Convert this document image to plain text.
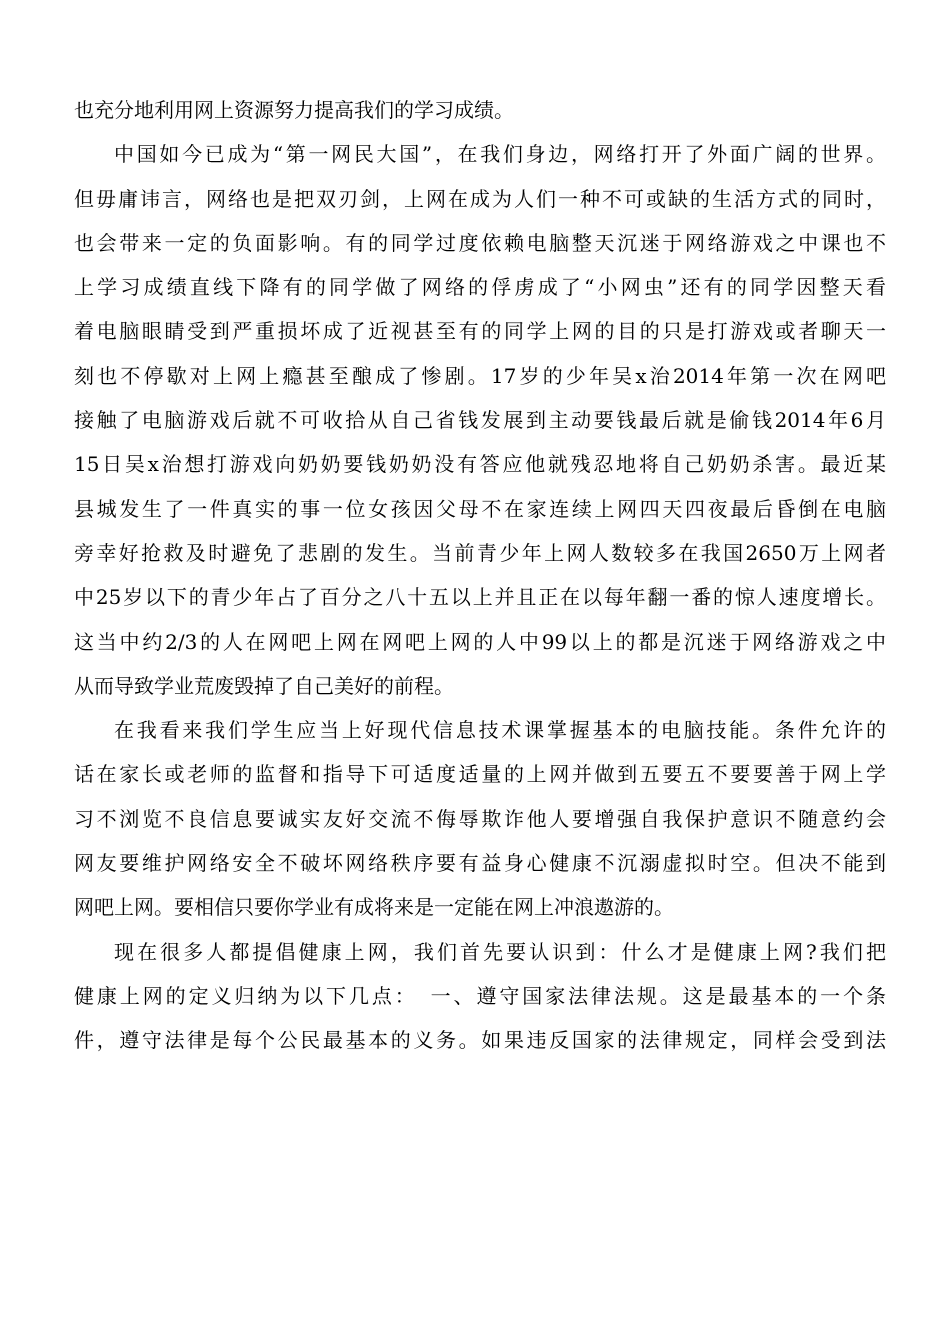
也充分地利用网上资源努力提高我们的学习成绩。
中国如今已成为“第一网民大国”，在我们身边，网络打开了外面广阔的世界。
但毋庸讳言，网络也是把双刃剑，上网在成为人们一种不可或缺的生活方式的同时，
也会带来一定的负面影响。有的同学过度依赖电脑整天沉迷于网络游戏之中课也不
上学习成绩直线下降有的同学做了网络的俘虏成了“小网虫”还有的同学因整天看
着电脑眼睛受到严重损坏成了近视甚至有的同学上网的目的只是打游戏或者聊天一
刻也不停歇对上网上瘾甚至酿成了惨剧。17岁的少年吴x治2014年第一次在网吧
接触了电脑游戏后就不可收拾从自己省钱发展到主动要钱最后就是偷钱2014年6月
15日吴x治想打游戏向奶奶要钱奶奶没有答应他就残忍地将自己奶奶杀害。最近某
县城发生了一件真实的事一位女孩因父母不在家连续上网四天四夜最后昏倒在电脑
旁幸好抢救及时避免了悲剧的发生。当前青少年上网人数较多在我国2650万上网者
中25岁以下的青少年占了百分之八十五以上并且正在以每年翻一番的惊人速度增长。
这当中约2/3的人在网吧上网在网吧上网的人中99以上的都是沉迷于网络游戏之中
从而导致学业荒废毁掉了自己美好的前程。
在我看来我们学生应当上好现代信息技术课掌握基本的电脑技能。条件允许的
话在家长或老师的监督和指导下可适度适量的上网并做到五要五不要要善于网上学
习不浏览不良信息要诚实友好交流不侮辱欺诈他人要增强自我保护意识不随意约会
网友要维护网络安全不破坏网络秩序要有益身心健康不沉溺虚拟时空。但决不能到
网吧上网。要相信只要你学业有成将来是一定能在网上冲浪遨游的。
现在很多人都提倡健康上网，我们首先要认识到：什么才是健康上网?我们把
健康上网的定义归纳为以下几点：　一、遵守国家法律法规。这是最基本的一个条
件，遵守法律是每个公民最基本的义务。如果违反国家的法律规定，同样会受到法
